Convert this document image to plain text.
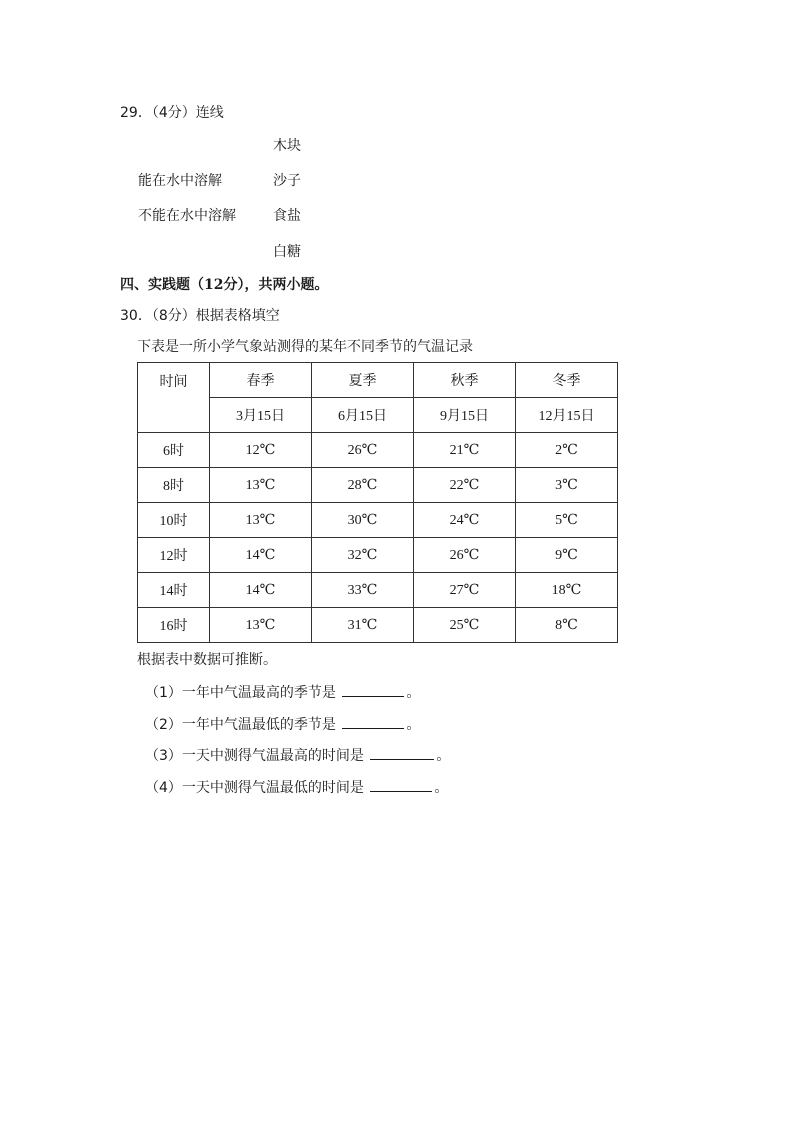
29．（4分）连线
木块
能在水中溶解	沙子
不能在水中溶解	食盐
白糖
四、实践题（12分），共两小题。
30．（8分）根据表格填空
下表是一所小学气象站测得的某年不同季节的气温记录
时间	春季	夏季	秋季	冬季
	3月15日	6月15日	9月15日	12月15日
6时	12℃	26℃	21℃	2℃
8时	13℃	28℃	22℃	3℃
10时	13℃	30℃	24℃	5℃
12时	14℃	32℃	26℃	9℃
14时	14℃	33℃	27℃	18℃
16时	13℃	31℃	25℃	8℃
根据表中数据可推断。
（1）一年中气温最高的季节是	。
（2）一年中气温最低的季节是	。
（3）一天中测得气温最高的时间是	。
（4）一天中测得气温最低的时间是	。
